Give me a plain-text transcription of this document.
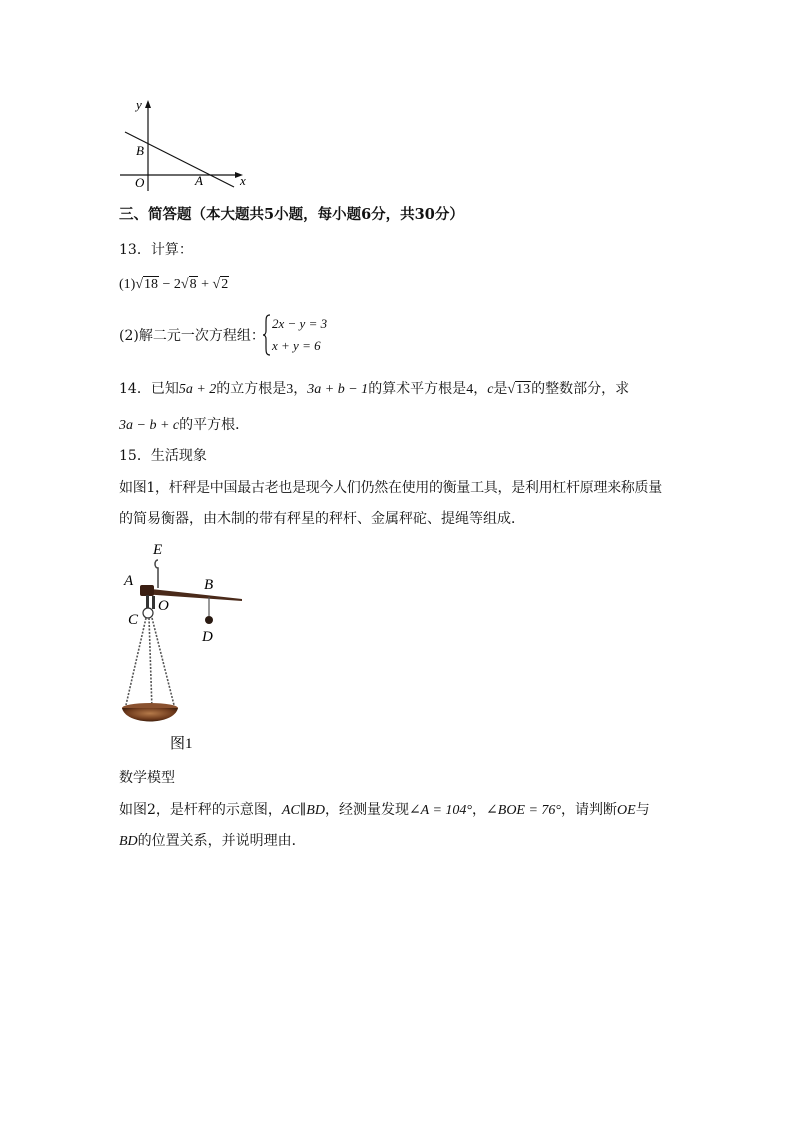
y
x
B
O	A
三、简答题（本大题共5小题，每小题6分，共30分）
13．计算：
(1)√18 − 2√8 + √2
(2)解二元一次方程组：
2x − y = 3
x + y = 6
14．已知5a + 2的立方根是3，3a + b − 1的算术平方根是4，c是√13的整数部分，求
3a − b + c的平方根．
15．生活现象
如图1，杆秤是中国最古老也是现今人们仍然在使用的衡量工具，是利用杠杆原理来称质量
的简易衡器，由木制的带有秤星的秤杆、金属秤砣、提绳等组成．
E
A	B
O
C
D
图1
数学模型
如图2，是杆秤的示意图，AC∥BD，经测量发现∠A = 104°，∠BOE = 76°，请判断OE与
BD的位置关系，并说明理由．
